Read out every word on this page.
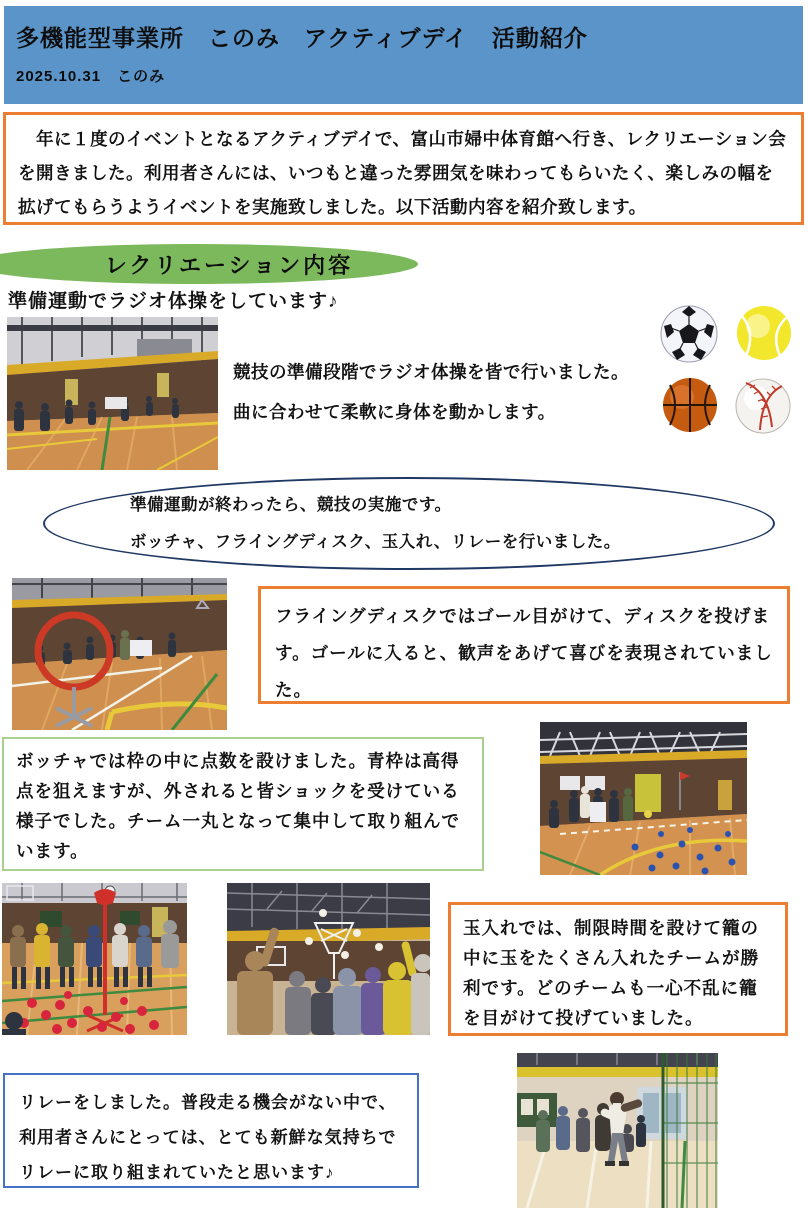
多機能型事業所　このみ　アクティブデイ　活動紹介
2025.10.31　このみ
　年に１度のイベントとなるアクティブデイで、富山市婦中体育館へ行き、レクリエーション会を開きました。利用者さんには、いつもと違った雰囲気を味わってもらいたく、楽しみの幅を拡げてもらうようイベントを実施致しました。以下活動内容を紹介致します。
レクリエーション内容
準備運動でラジオ体操をしています♪
競技の準備段階でラジオ体操を皆で行いました。
曲に合わせて柔軟に身体を動かします。
準備運動が終わったら、競技の実施です。
ボッチャ、フライングディスク、玉入れ、リレーを行いました。
フライングディスクではゴール目がけて、ディスクを投げます。ゴールに入ると、歓声をあげて喜びを表現されていました。
ボッチャでは枠の中に点数を設けました。青枠は高得点を狙えますが、外されると皆ショックを受けている様子でした。チーム一丸となって集中して取り組んでいます。
玉入れでは、制限時間を設けて籠の中に玉をたくさん入れたチームが勝利です。どのチームも一心不乱に籠を目がけて投げていました。
リレーをしました。普段走る機会がない中で、利用者さんにとっては、とても新鮮な気持ちでリレーに取り組まれていたと思います♪
